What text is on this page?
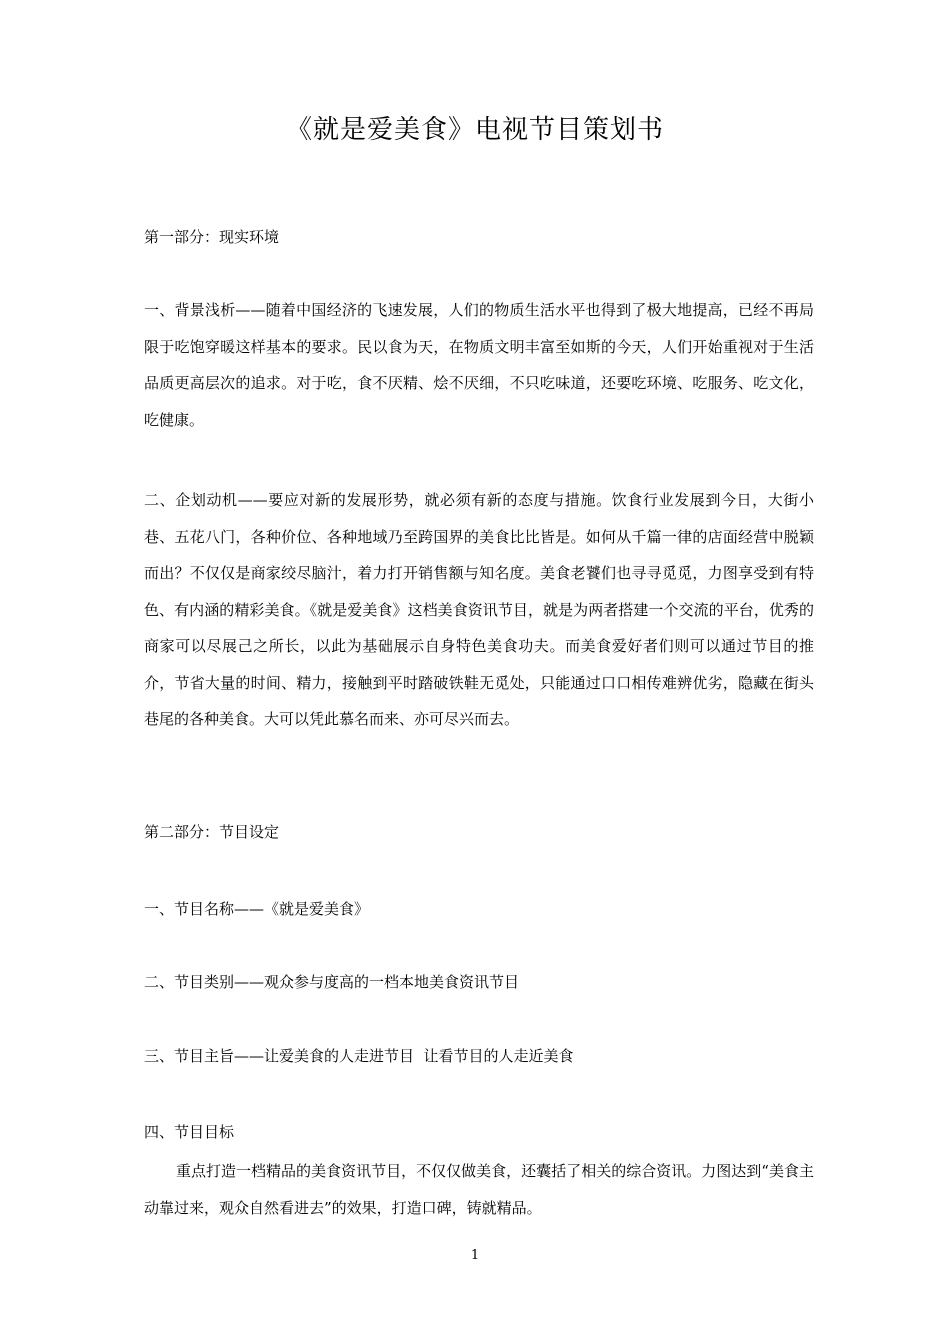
《就是爱美食》电视节目策划书
第一部分：现实环境
一、背景浅析——随着中国经济的飞速发展，人们的物质生活水平也得到了极大地提高，已经不再局限于吃饱穿暖这样基本的要求。民以食为天，在物质文明丰富至如斯的今天，人们开始重视对于生活品质更高层次的追求。对于吃，食不厌精、烩不厌细，不只吃味道，还要吃环境、吃服务、吃文化，吃健康。
二、企划动机——要应对新的发展形势，就必须有新的态度与措施。饮食行业发展到今日，大街小巷、五花八门，各种价位、各种地域乃至跨国界的美食比比皆是。如何从千篇一律的店面经营中脱颖而出？不仅仅是商家绞尽脑汁，着力打开销售额与知名度。美食老饕们也寻寻觅觅，力图享受到有特色、有内涵的精彩美食。《就是爱美食》这档美食资讯节目，就是为两者搭建一个交流的平台，优秀的商家可以尽展己之所长，以此为基础展示自身特色美食功夫。而美食爱好者们则可以通过节目的推介，节省大量的时间、精力，接触到平时踏破铁鞋无觅处，只能通过口口相传难辨优劣，隐藏在街头巷尾的各种美食。大可以凭此慕名而来、亦可尽兴而去。
第二部分：节目设定
一、节目名称——《就是爱美食》
二、节目类别——观众参与度高的一档本地美食资讯节目
三、节目主旨——让爱美食的人走进节目  让看节目的人走近美食
四、节目目标
重点打造一档精品的美食资讯节目，不仅仅做美食，还囊括了相关的综合资讯。力图达到“美食主动靠过来，观众自然看进去”的效果，打造口碑，铸就精品。
1
